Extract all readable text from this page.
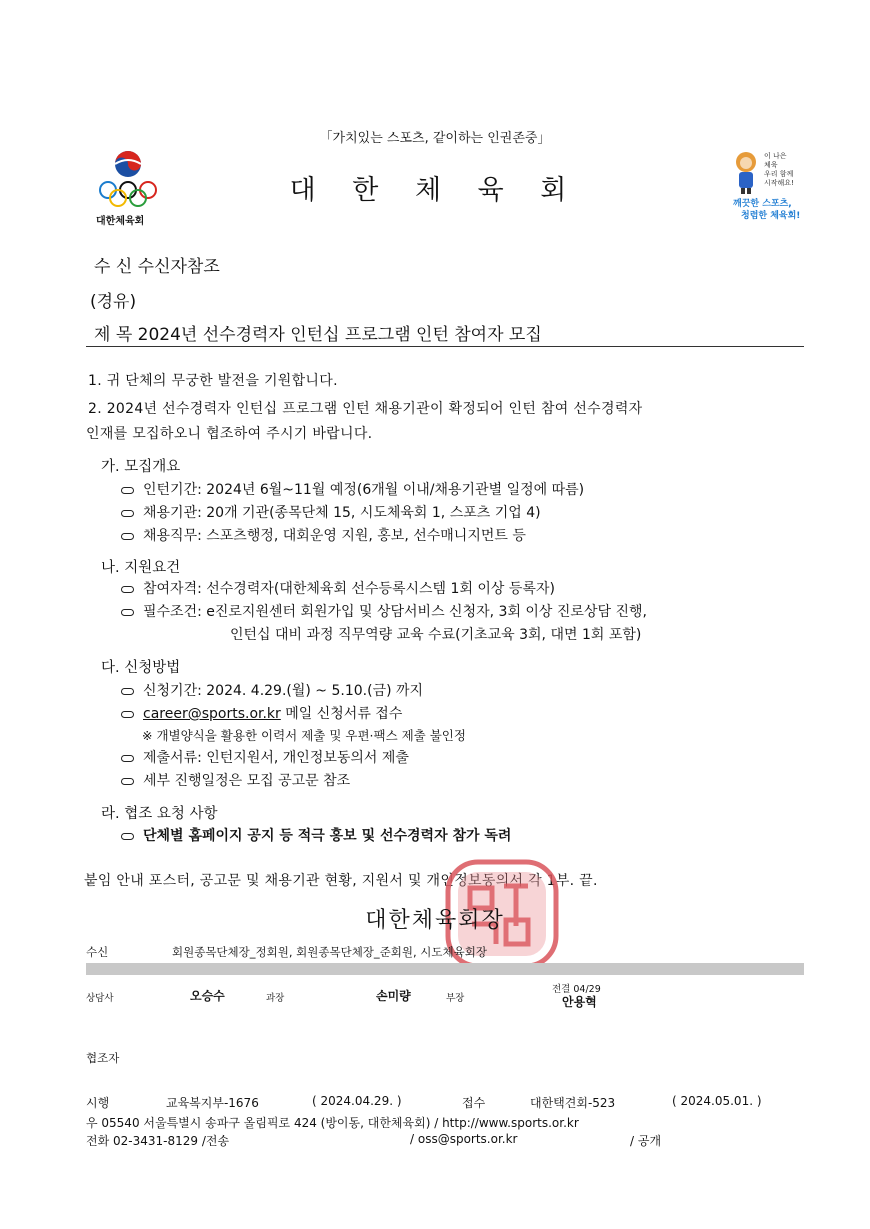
「가치있는 스포츠, 같이하는 인권존중」
대한체육회
대 한 체 육 회
이 나은
체육
우리 함께
시작해요!
깨끗한 스포츠,
청렴한 체육회!
수 신 수신자참조
(경유)
제 목 2024년 선수경력자 인턴십 프로그램 인턴 참여자 모집
1. 귀 단체의 무궁한 발전을 기원합니다.
2. 2024년 선수경력자 인턴십 프로그램 인턴 채용기관이 확정되어 인턴 참여 선수경력자
인재를 모집하오니 협조하여 주시기 바랍니다.
가. 모집개요
인턴기간: 2024년 6월~11월 예정(6개월 이내/채용기관별 일정에 따름)
채용기관: 20개 기관(종목단체 15, 시도체육회 1, 스포츠 기업 4)
채용직무: 스포츠행정, 대회운영 지원, 홍보, 선수매니지먼트 등
나. 지원요건
참여자격: 선수경력자(대한체육회 선수등록시스템 1회 이상 등록자)
필수조건: e진로지원센터 회원가입 및 상담서비스 신청자, 3회 이상 진로상담 진행,
인턴십 대비 과정 직무역량 교육 수료(기초교육 3회, 대면 1회 포함)
다. 신청방법
신청기간: 2024. 4.29.(월) ~ 5.10.(금) 까지
career@sports.or.kr 메일 신청서류 접수
※ 개별양식을 활용한 이력서 제출 및 우편·팩스 제출 불인정
제출서류: 인턴지원서, 개인정보동의서 제출
세부 진행일정은 모집 공고문 참조
라. 협조 요청 사항
단체별 홈페이지 공지 등 적극 홍보 및 선수경력자 참가 독려
붙임 안내 포스터, 공고문 및 채용기관 현황, 지원서 및 개인정보동의서 각 1부. 끝.
대한체육회장
수신	회원종목단체장_정회원, 회원종목단체장_준회원, 시도체육회장
상담사	오승수	과장	손미량	부장
전결 04/29
안용혁
협조자
시행	교육복지부-1676	( 2024.04.29. )	접수	대한택견회-523	( 2024.05.01. )
우 05540 서울특별시 송파구 올림픽로 424 (방이동, 대한체육회) / http://www.sports.or.kr
전화 02-3431-8129 /전송	/ oss@sports.or.kr	/ 공개
